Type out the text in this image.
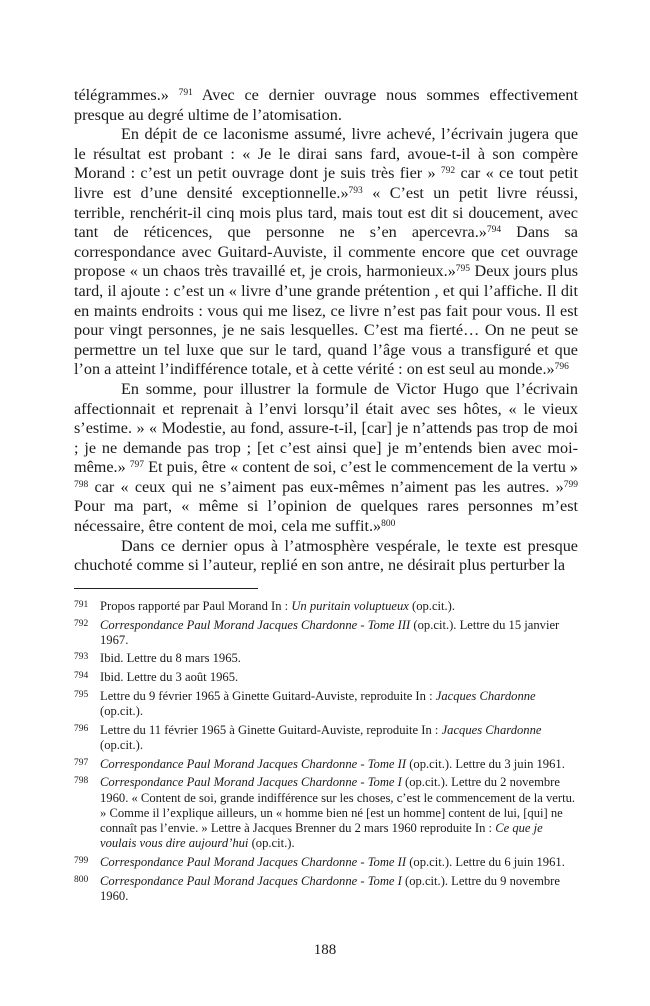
télégrammes.» $^{791}$ Avec ce dernier ouvrage nous sommes effectivement presque au degré ultime de l’atomisation.

En dépit de ce laconisme assumé, livre achevé, l’écrivain jugera que le résultat est probant : « Je le dirai sans fard, avoue-t-il à son compère Morand : c’est un petit ouvrage dont je suis très fier » $^{792}$ car « ce tout petit livre est d’une densité exceptionnelle.»$^{793}$ « C’est un petit livre réussi, terrible, renchérit-il cinq mois plus tard, mais tout est dit si doucement, avec tant de réticences, que personne ne s’en apercevra.»$^{794}$ Dans sa correspondance avec Guitard-Auviste, il commente encore que cet ouvrage propose « un chaos très travaillé et, je crois, harmonieux.»$^{795}$ Deux jours plus tard, il ajoute : c’est un « livre d’une grande prétention , et qui l’affiche. Il dit en maints endroits : vous qui me lisez, ce livre n’est pas fait pour vous. Il est pour vingt personnes, je ne sais lesquelles. C’est ma fierté… On ne peut se permettre un tel luxe que sur le tard, quand l’âge vous a transfiguré et que l’on a atteint l’indifférence totale, et à cette vérité : on est seul au monde.»$^{796}$

En somme, pour illustrer la formule de Victor Hugo que l’écrivain affectionnait et reprenait à l’envi lorsqu’il était avec ses hôtes, « le vieux s’estime. » « Modestie, au fond, assure-t-il, [car] je n’attends pas trop de moi ; je ne demande pas trop ; [et c’est ainsi que] je m’entends bien avec moi-même.» $^{797}$ Et puis, être « content de soi, c’est le commencement de la vertu » $^{798}$ car « ceux qui ne s’aiment pas eux-mêmes n’aiment pas les autres. »$^{799}$ Pour ma part, « même si l’opinion de quelques rares personnes m’est nécessaire, être content de moi, cela me suffit.»$^{800}$

Dans ce dernier opus à l’atmosphère vespérale, le texte est presque chuchoté comme si l’auteur, replié en son antre, ne désirait plus perturber la

791 Propos rapporté par Paul Morand In : Un puritain voluptueux (op.cit.).
792 Correspondance Paul Morand Jacques Chardonne - Tome III (op.cit.). Lettre du 15 janvier 1967.
793 Ibid. Lettre du 8 mars 1965.
794 Ibid. Lettre du 3 août 1965.
795 Lettre du 9 février 1965 à Ginette Guitard-Auviste, reproduite In : Jacques Chardonne (op.cit.).
796 Lettre du 11 février 1965 à Ginette Guitard-Auviste, reproduite In : Jacques Chardonne (op.cit.).
797 Correspondance Paul Morand Jacques Chardonne - Tome II (op.cit.). Lettre du 3 juin 1961.
798 Correspondance Paul Morand Jacques Chardonne - Tome I (op.cit.). Lettre du 2 novembre 1960. « Content de soi, grande indifférence sur les choses, c’est le commencement de la vertu. » Comme il l’explique ailleurs, un « homme bien né [est un homme] content de lui, [qui] ne connaît pas l’envie. » Lettre à Jacques Brenner du 2 mars 1960 reproduite In : Ce que je voulais vous dire aujourd’hui (op.cit.).
799 Correspondance Paul Morand Jacques Chardonne - Tome II (op.cit.). Lettre du 6 juin 1961.
800 Correspondance Paul Morand Jacques Chardonne - Tome I (op.cit.). Lettre du 9 novembre 1960.
188
